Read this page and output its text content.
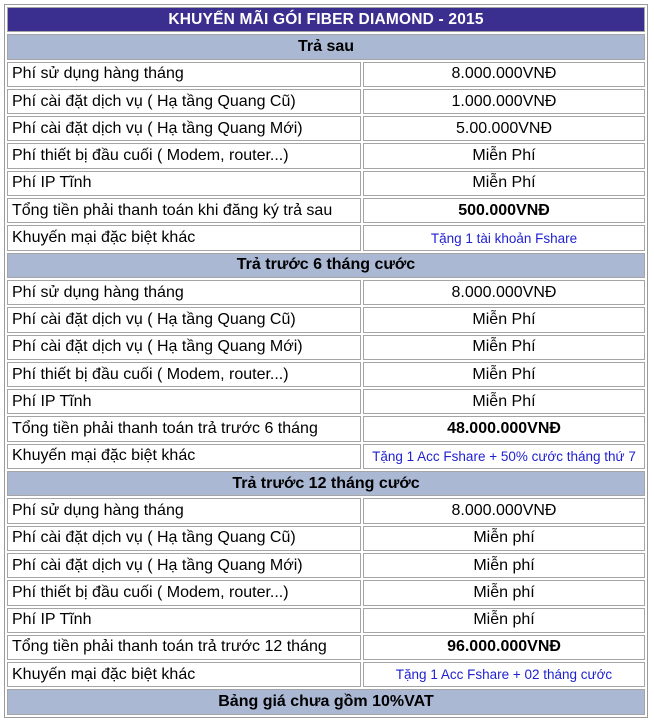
KHUYẾN MÃI GÓI FIBER DIAMOND - 2015	
Trả sau	
Phí sử dụng hàng tháng	8.000.000VNĐ
Phí cài đặt dịch vụ ( Hạ tầng Quang Cũ)	1.000.000VNĐ
Phí cài đặt dịch vụ ( Hạ tầng Quang Mới)	5.00.000VNĐ
Phí thiết bị đầu cuối ( Modem, router...)	Miễn Phí
Phí IP Tĩnh	Miễn Phí
Tổng tiền phải thanh toán khi đăng ký trả sau	500.000VNĐ
Khuyến mại đặc biệt khác	Tặng 1 tài khoản Fshare
Trả trước 6 tháng cước	
Phí sử dụng hàng tháng	8.000.000VNĐ
Phí cài đặt dịch vụ ( Hạ tầng Quang Cũ)	Miễn Phí
Phí cài đặt dịch vụ ( Hạ tầng Quang Mới)	Miễn Phí
Phí thiết bị đầu cuối ( Modem, router...)	Miễn Phí
Phí IP Tĩnh	Miễn Phí
Tổng tiền phải thanh toán trả trước 6 tháng	48.000.000VNĐ
Khuyến mại đặc biệt khác	Tặng 1 Acc Fshare + 50% cước tháng thứ 7
Trả trước 12 tháng cước	
Phí sử dụng hàng tháng	8.000.000VNĐ
Phí cài đặt dịch vụ ( Hạ tầng Quang Cũ)	Miễn phí
Phí cài đặt dịch vụ ( Hạ tầng Quang Mới)	Miễn phí
Phí thiết bị đầu cuối ( Modem, router...)	Miễn phí
Phí IP Tĩnh	Miễn phí
Tổng tiền phải thanh toán trả trước 12 tháng	96.000.000VNĐ
Khuyến mại đặc biệt khác	Tặng 1 Acc Fshare + 02 tháng cước
Bảng giá chưa gồm 10%VAT	
